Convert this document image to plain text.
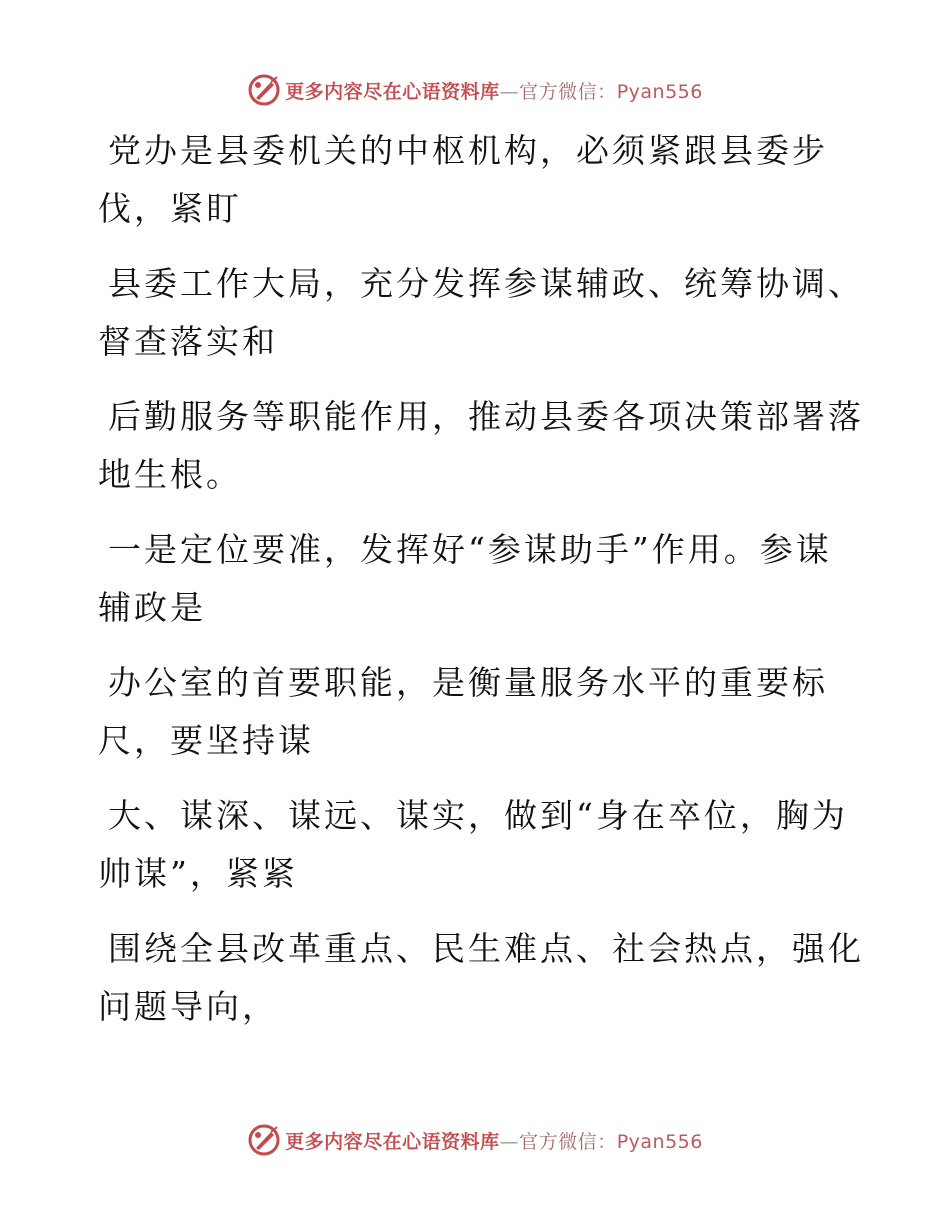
更多内容尽在心语资料库—官方微信：Pyan556

党办是县委机关的中枢机构，必须紧跟县委步
伐，紧盯

县委工作大局，充分发挥参谋辅政、统筹协调、
督查落实和

后勤服务等职能作用，推动县委各项决策部署落
地生根。

一是定位要准，发挥好“参谋助手”作用。参谋
辅政是

办公室的首要职能，是衡量服务水平的重要标
尺，要坚持谋

大、谋深、谋远、谋实，做到“身在卒位，胸为
帅谋”，紧紧

围绕全县改革重点、民生难点、社会热点，强化
问题导向，

更多内容尽在心语资料库—官方微信：Pyan556
